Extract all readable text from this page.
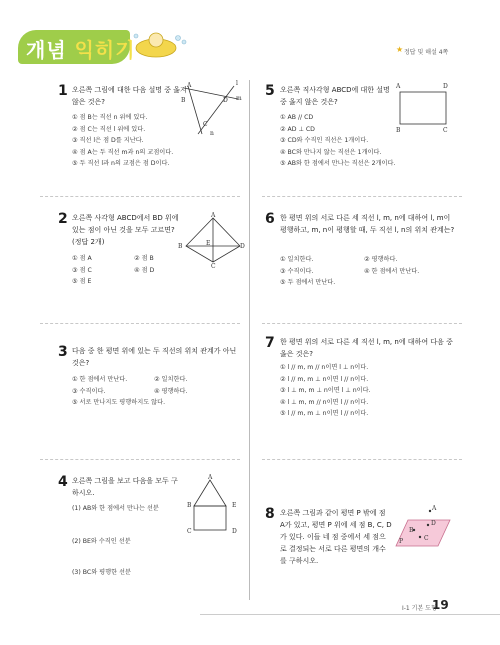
개념 익히기	★ 정답 및 해설 4쪽
1 오른쪽 그림에 대한 다음 설명 중 옳지 않은 것은?
① 점 B는 직선 n 위에 있다.
② 점 C는 직선 l 위에 있다.
③ 직선 l은 점 D를 지난다.
④ 점 A는 두 직선 m과 n의 교점이다.
⑤ 두 직선 l과 n의 교점은 점 D이다.
A	l
B	D m
C
n
2 오른쪽 사각형 ABCD에서 BD 위에 있는 점이 아닌 것을 모두 고르면? (정답 2개)
① 점 A	② 점 B
③ 점 C	④ 점 D
⑤ 점 E
A
B	E	D
C
3 다음 중 한 평면 위에 있는 두 직선의 위치 관계가 아닌 것은?
① 한 점에서 만난다.	② 일치한다.
③ 수직이다.	④ 평행하다.
⑤ 서로 만나지도 평행하지도 않다.
4 오른쪽 그림을 보고 다음을 모두 구하시오.
(1) AB와 한 점에서 만나는 선분
(2) BE와 수직인 선분
(3) BC와 평행한 선분
A
B	E
C	D
5 오른쪽 직사각형 ABCD에 대한 설명 중 옳지 않은 것은?
① AB // CD
② AD ⊥ CD
③ CD와 수직인 직선은 1개이다.
④ BC와 만나지 않는 직선은 1개이다.
⑤ AB와 한 점에서 만나는 직선은 2개이다.
A	D
B	C
6 한 평면 위의 서로 다른 세 직선 l, m, n에 대하여 l, m이 평행하고, m, n이 평행할 때, 두 직선 l, n의 위치 관계는?
① 일치한다.	② 평행하다.
③ 수직이다.	④ 한 점에서 만난다.
⑤ 두 점에서 만난다.
7 한 평면 위의 서로 다른 세 직선 l, m, n에 대하여 다음 중 옳은 것은?
① l // m, m // n이면 l ⊥ n이다.
② l // m, m ⊥ n이면 l // n이다.
③ l ⊥ m, m ⊥ n이면 l ⊥ n이다.
④ l ⊥ m, m // n이면 l // n이다.
⑤ l // m, m ⊥ n이면 l // n이다.
8 오른쪽 그림과 같이 평면 P 밖에 점 A가 있고, 평면 P 위에 세 점 B, C, D가 있다. 이들 네 점 중에서 세 점으로 결정되는 서로 다른 평면의 개수를 구하시오.
A
D
B
C
P
I-1 기본 도형
19
